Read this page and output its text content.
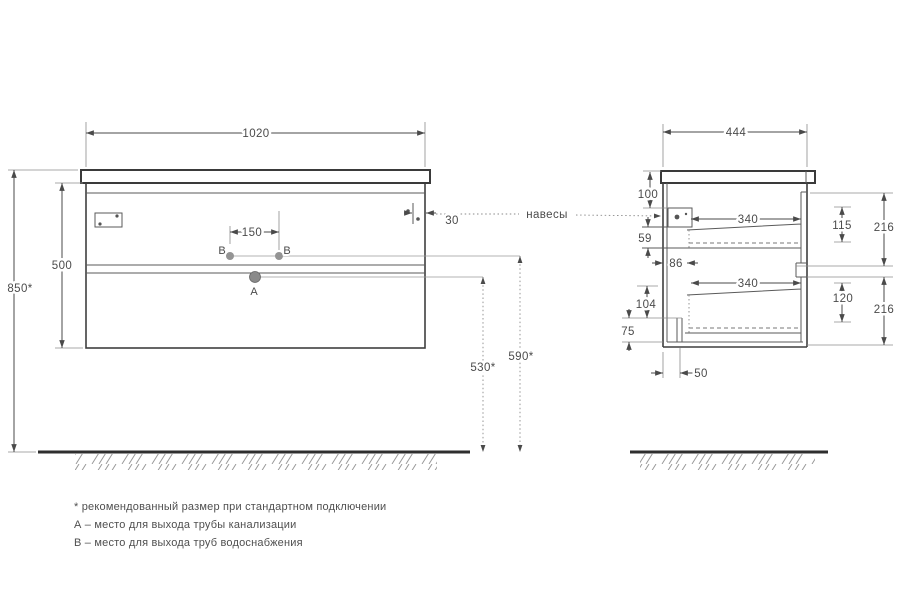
1020
500
850*
150
30
530*
590*
B	B
A
навесы
444
100
59
86
104
75
50
340	115 216
340
120
216
* рекомендованный размер при стандартном подключении
А – место для выхода трубы канализации
В – место для выхода труб водоснабжения
